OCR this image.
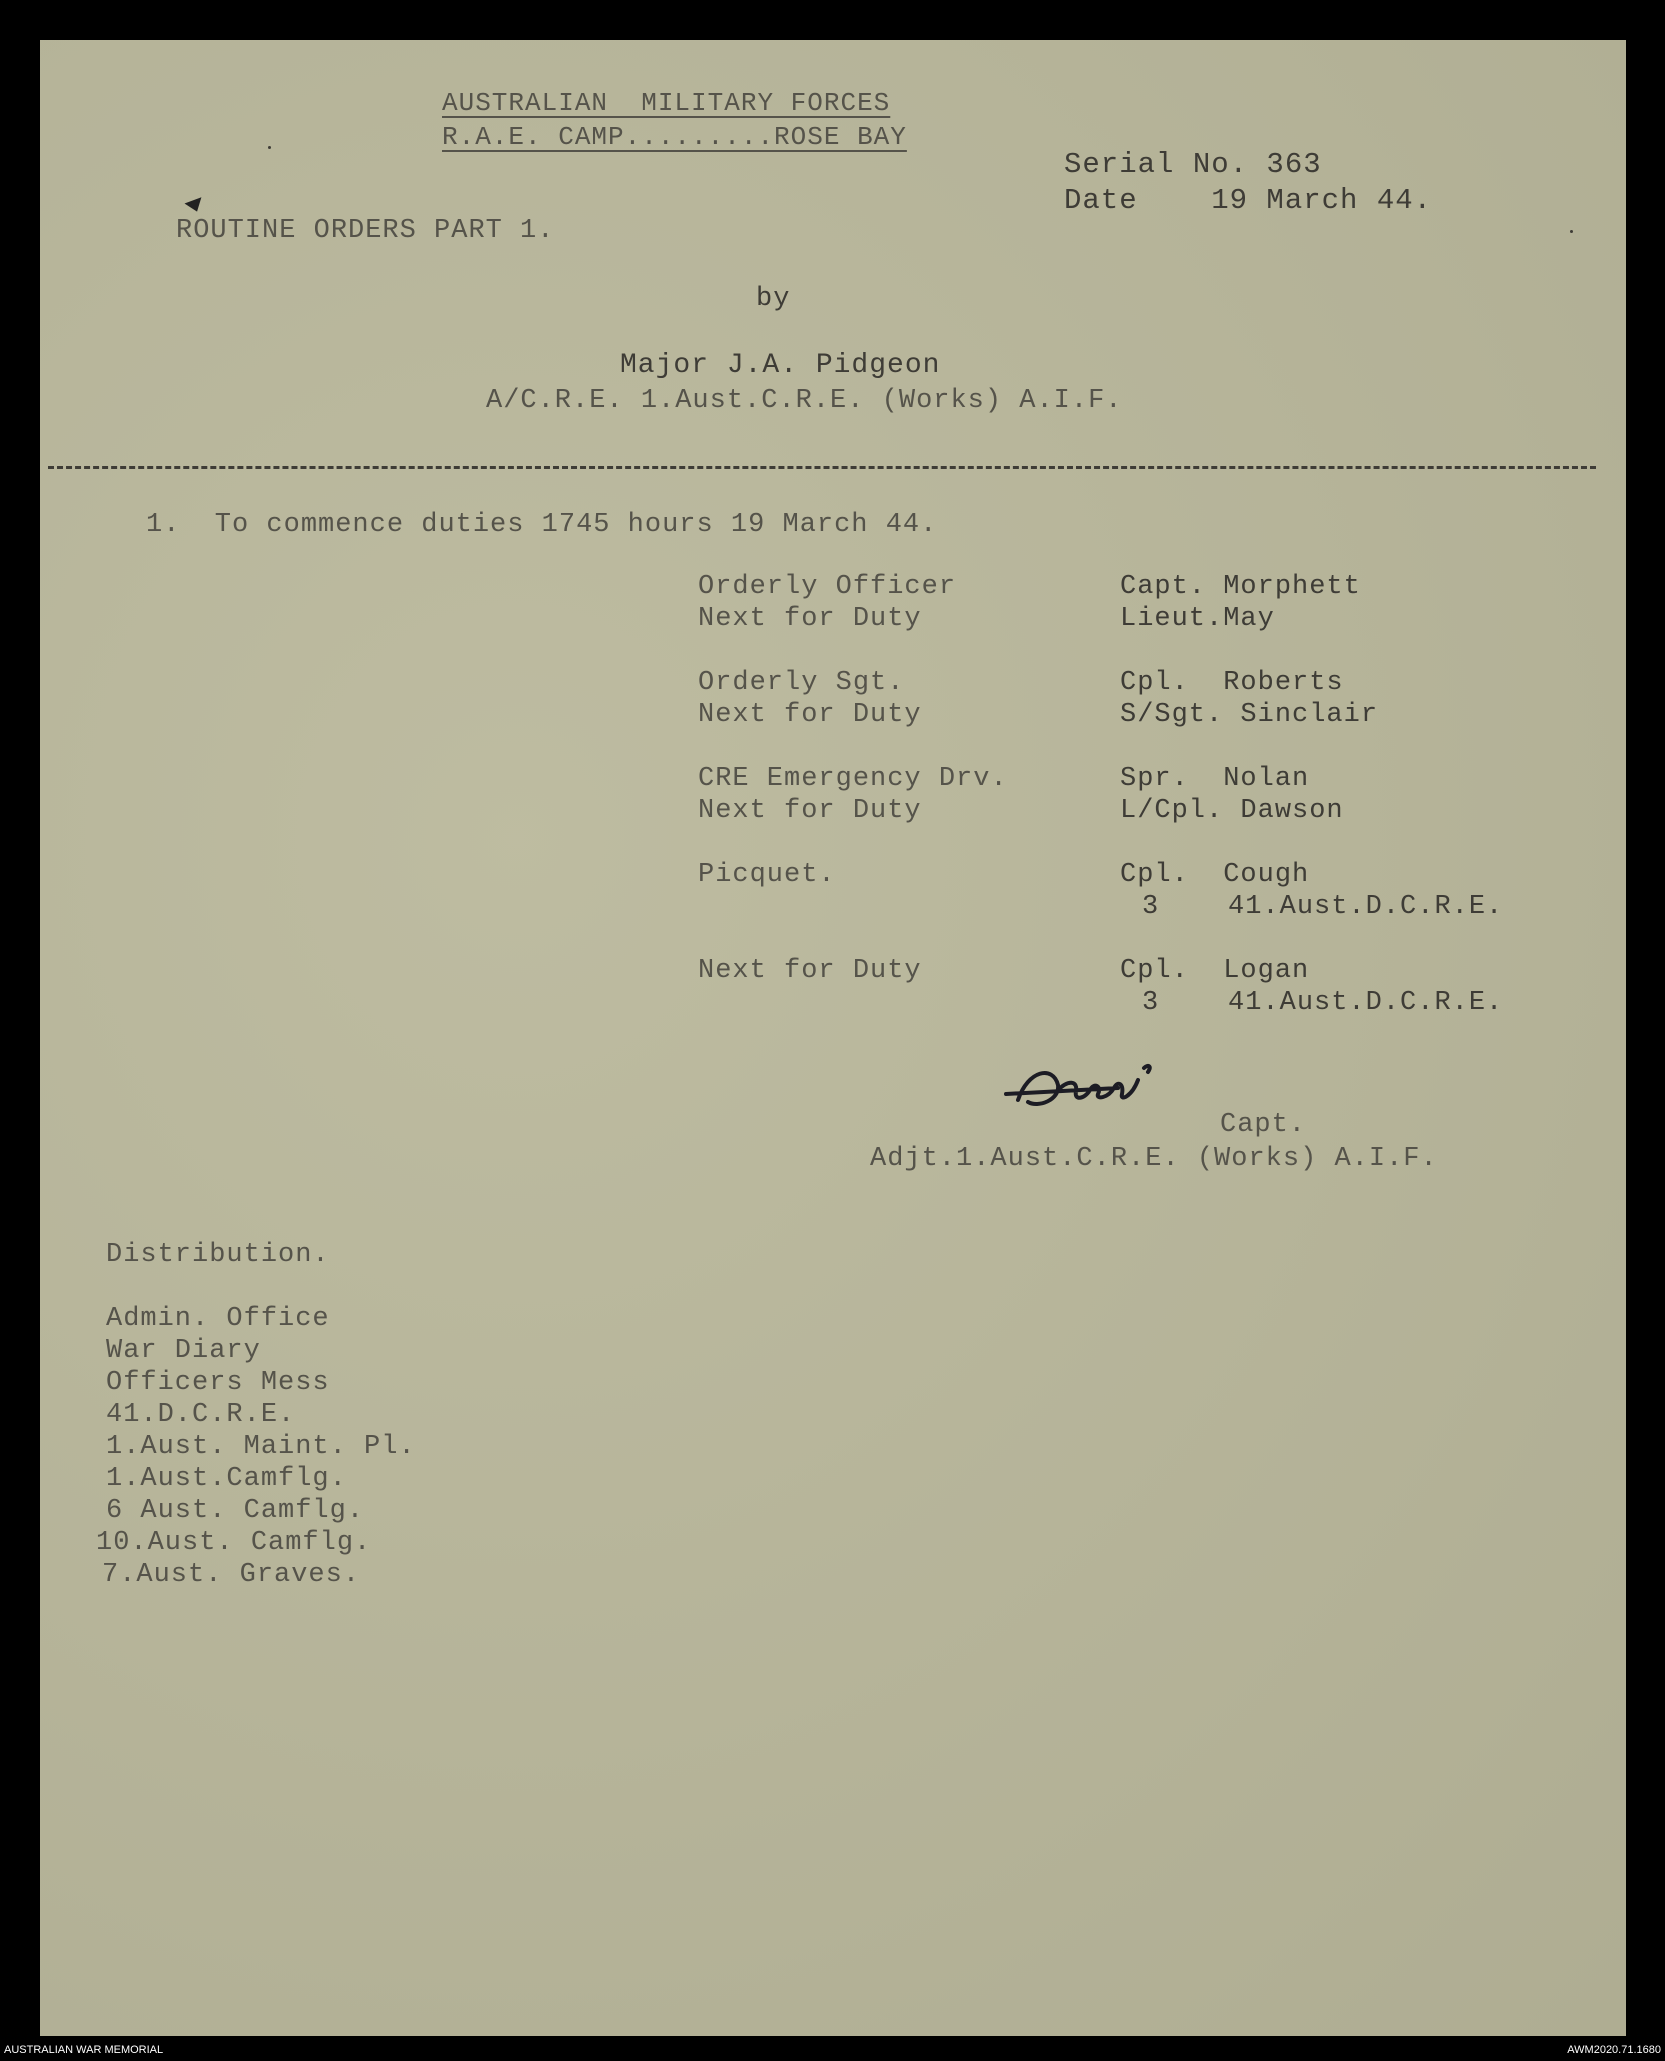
AUSTRALIAN  MILITARY FORCES
R.A.E. CAMP.........ROSE BAY
Serial No. 363
Date    19 March 44.
ROUTINE ORDERS PART 1.
by
Major J.A. Pidgeon
A/C.R.E. 1.Aust.C.R.E. (Works) A.I.F.
1.  To commence duties 1745 hours 19 March 44.
Orderly Officer	Capt. Morphett
Next for Duty	Lieut.May
Orderly Sgt.	Cpl.  Roberts
Next for Duty	S/Sgt. Sinclair
CRE Emergency Drv.	Spr.  Nolan
Next for Duty	L/Cpl. Dawson
Picquet.	Cpl.  Cough
3    41.Aust.D.C.R.E.
Next for Duty	Cpl.  Logan
3    41.Aust.D.C.R.E.
Capt.
Adjt.1.Aust.C.R.E. (Works) A.I.F.
Distribution.
Admin. Office
War Diary
Officers Mess
41.D.C.R.E.
1.Aust. Maint. Pl.
1.Aust.Camflg.
6 Aust. Camflg.
10.Aust. Camflg.
7.Aust. Graves.
AUSTRALIAN WAR MEMORIAL	AWM2020.71.1680
